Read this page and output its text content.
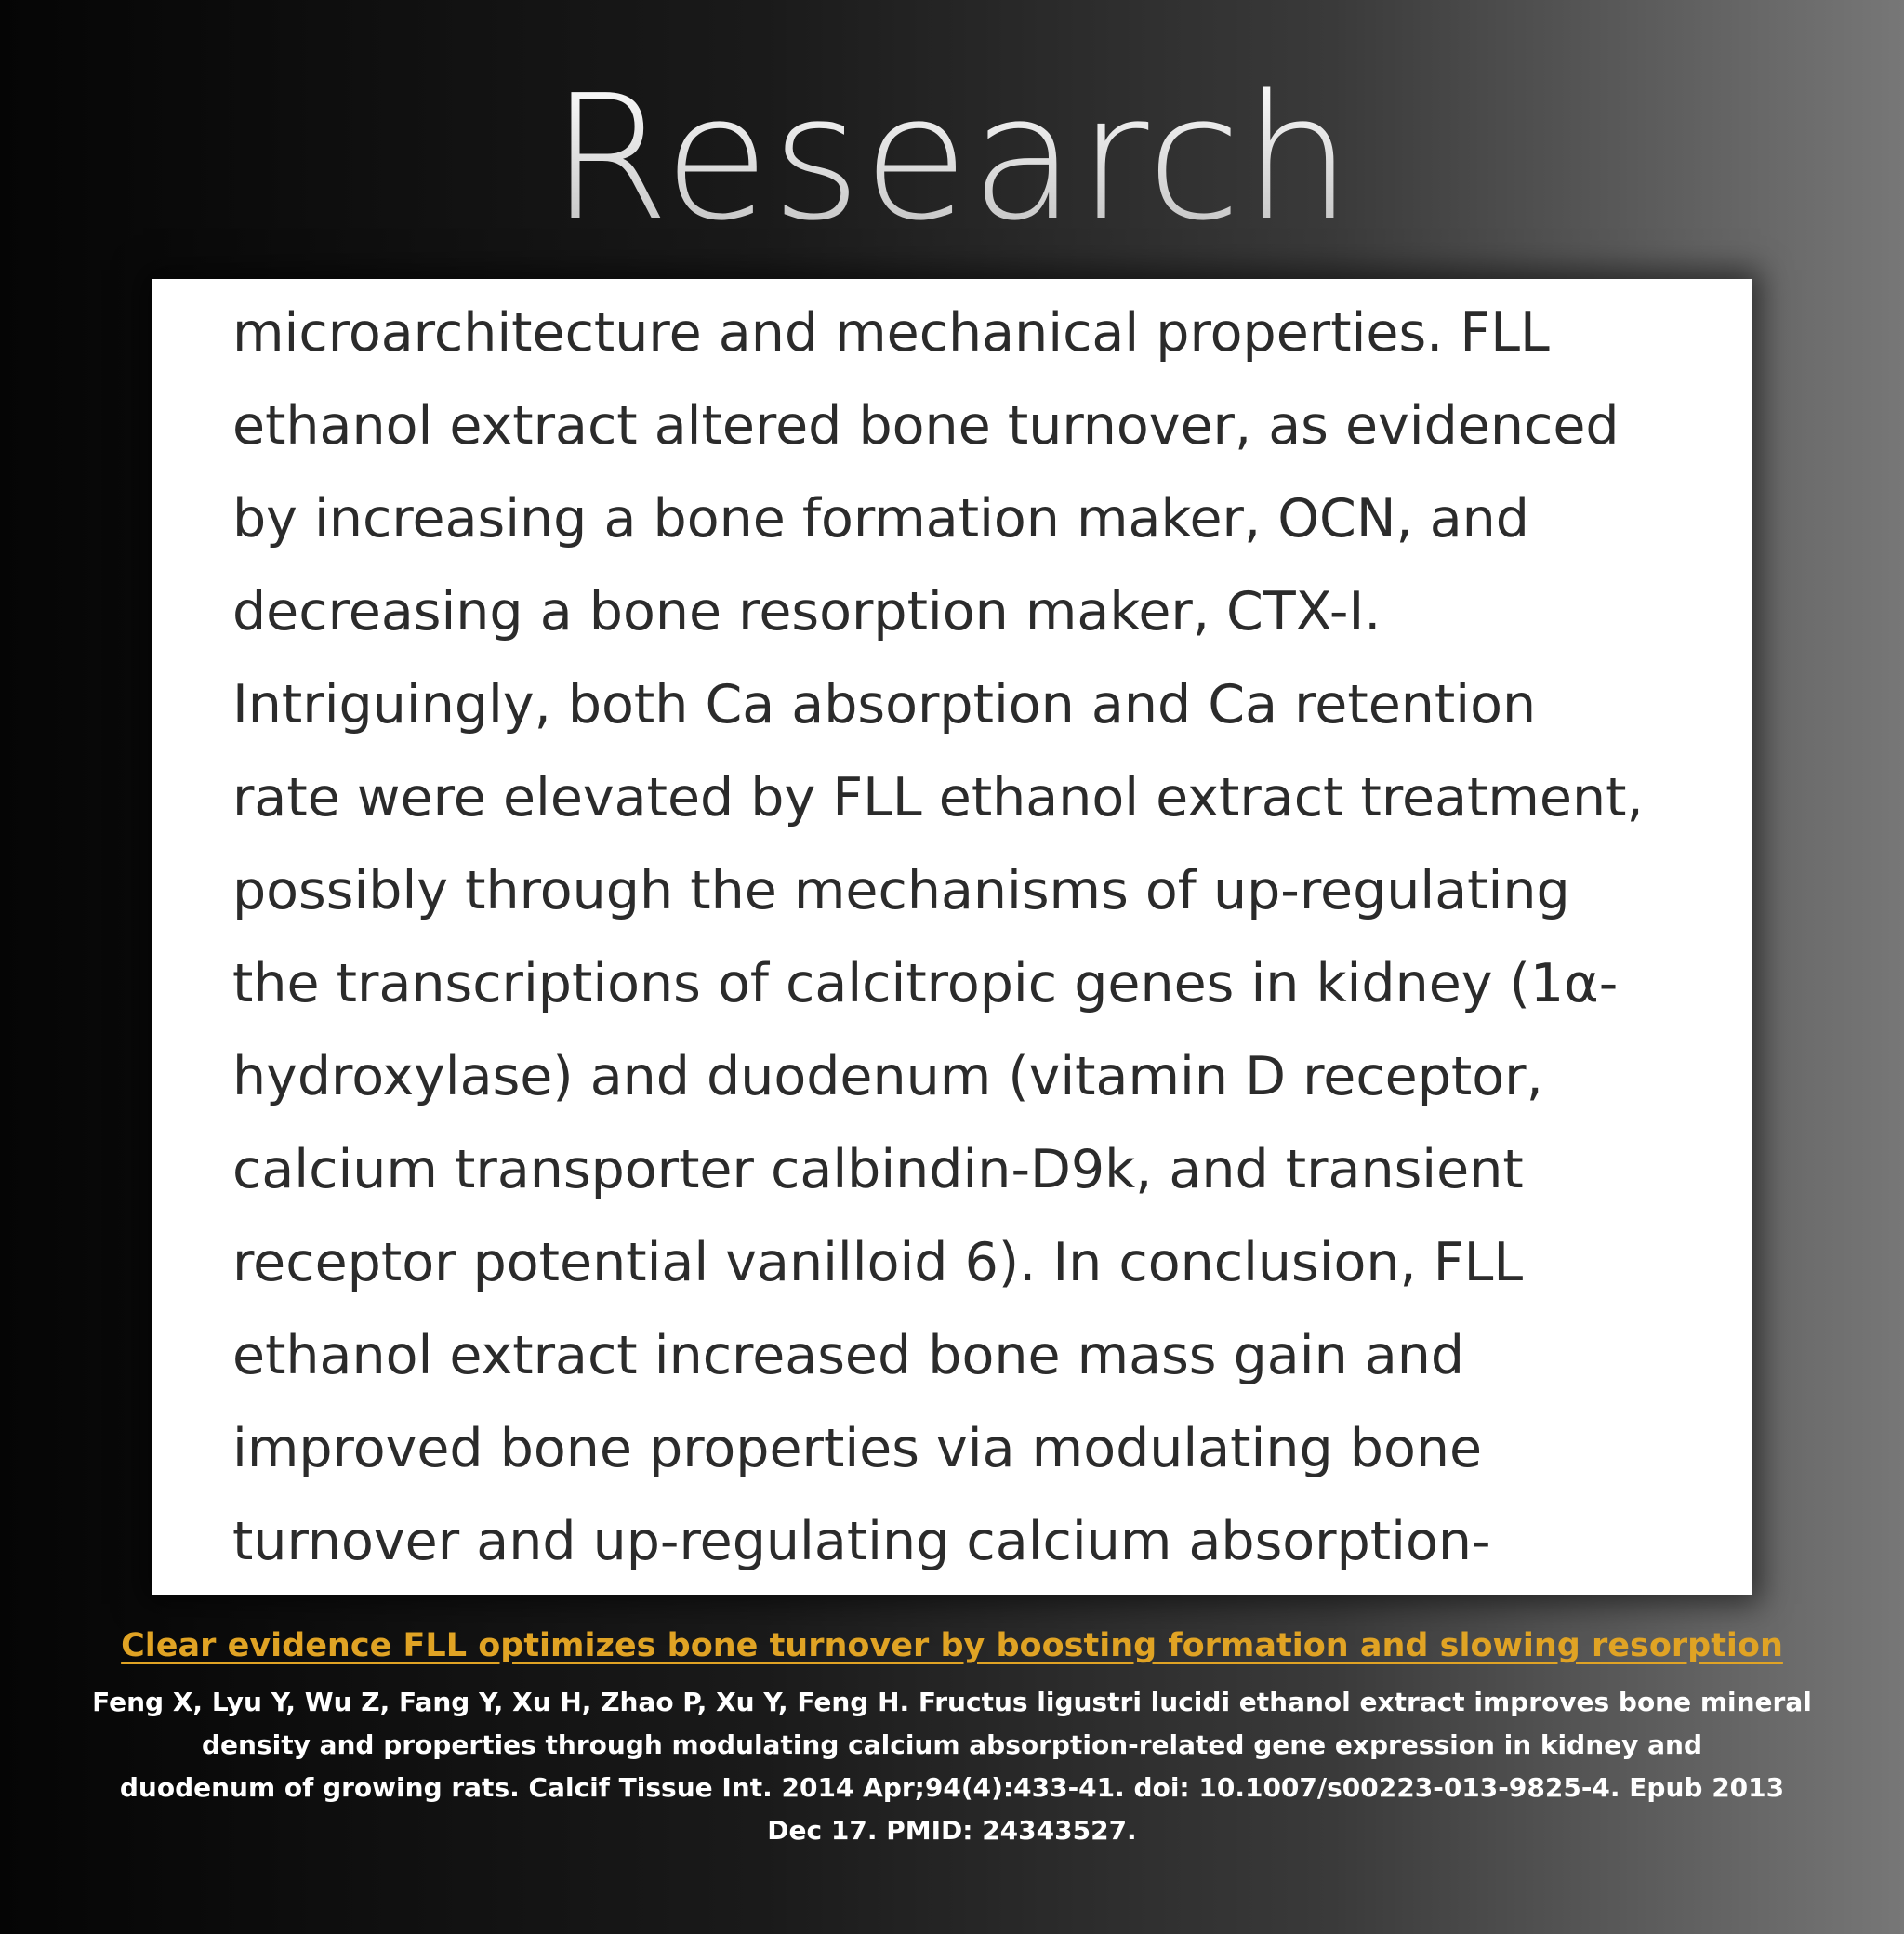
Research
microarchitecture and mechanical properties. FLL
ethanol extract altered bone turnover, as evidenced
by increasing a bone formation maker, OCN, and
decreasing a bone resorption maker, CTX-I.
Intriguingly, both Ca absorption and Ca retention
rate were elevated by FLL ethanol extract treatment,
possibly through the mechanisms of up-regulating
the transcriptions of calcitropic genes in kidney (1α-
hydroxylase) and duodenum (vitamin D receptor,
calcium transporter calbindin-D9k, and transient
receptor potential vanilloid 6). In conclusion, FLL
ethanol extract increased bone mass gain and
improved bone properties via modulating bone
turnover and up-regulating calcium absorption-
Clear evidence FLL optimizes bone turnover by boosting formation and slowing resorption
Feng X, Lyu Y, Wu Z, Fang Y, Xu H, Zhao P, Xu Y, Feng H. Fructus ligustri lucidi ethanol extract improves bone mineral
density and properties through modulating calcium absorption-related gene expression in kidney and
duodenum of growing rats. Calcif Tissue Int. 2014 Apr;94(4):433-41. doi: 10.1007/s00223-013-9825-4. Epub 2013
Dec 17. PMID: 24343527.
